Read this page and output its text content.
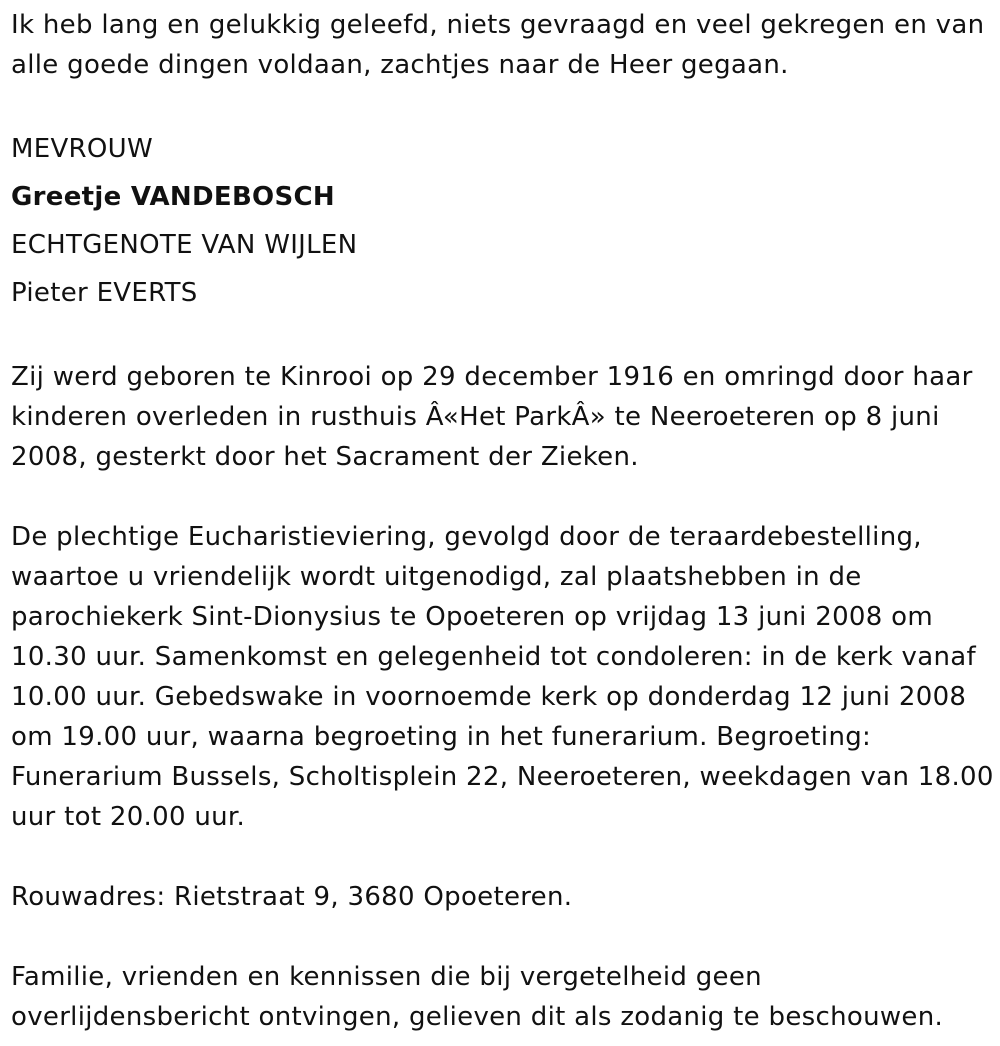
Ik heb lang en gelukkig geleefd, niets gevraagd en veel gekregen en van
alle goede dingen voldaan, zachtjes naar de Heer gegaan.

MEVROUW
Greetje VANDEBOSCH
ECHTGENOTE VAN WIJLEN
Pieter EVERTS

Zij werd geboren te Kinrooi op 29 december 1916 en omringd door haar
kinderen overleden in rusthuis Â«Het ParkÂ» te Neeroeteren op 8 juni
2008, gesterkt door het Sacrament der Zieken.

De plechtige Eucharistieviering, gevolgd door de teraardebestelling,
waartoe u vriendelijk wordt uitgenodigd, zal plaatshebben in de
parochiekerk Sint-Dionysius te Opoeteren op vrijdag 13 juni 2008 om
10.30 uur. Samenkomst en gelegenheid tot condoleren: in de kerk vanaf
10.00 uur. Gebedswake in voornoemde kerk op donderdag 12 juni 2008
om 19.00 uur, waarna begroeting in het funerarium. Begroeting:
Funerarium Bussels, Scholtisplein 22, Neeroeteren, weekdagen van 18.00
uur tot 20.00 uur.

Rouwadres: Rietstraat 9, 3680 Opoeteren.

Familie, vrienden en kennissen die bij vergetelheid geen
overlijdensbericht ontvingen, gelieven dit als zodanig te beschouwen.
